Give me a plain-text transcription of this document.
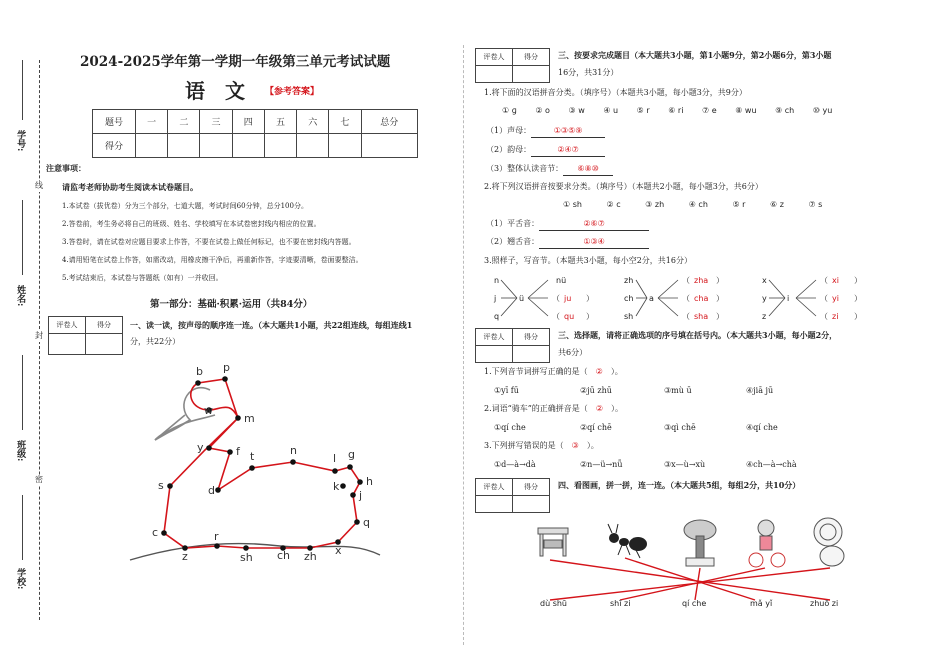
学号:
姓名:
班级:
学校:
线
封
密
2024-2025学年第一学期一年级第三单元考试试题
语　文 【参考答案】
题号	一	二	三	四	五	六	七	总分
得分								
注意事项：
请监考老师协助考生阅读本试卷题目。
1.本试卷（拔优卷）分为三个部分，七道大题，考试时间60分钟，总分100分。
2.答卷前，考生务必将自己的班级、姓名、学校填写在本试卷密封线内相应的位置。
3.答卷时，请在试卷对应题目要求上作答，不要在试卷上做任何标记，也不要在密封线内答题。
4.请用铅笔在试卷上作答，如需改动，用橡皮擦干净后，再重新作答，字迹要清晰，卷面要整洁。
5.考试结束后，本试卷与答题纸（如有）一并收回。
第一部分：基础·积累·运用（共84分）
评卷人	得分
	一、读一读，按声母的顺序连一连。（本大题共1小题，共22组连线，每组连线1
分，共22分）
b p
d
t	n
l g
k h
j
q
x
zh
ch
sh
r
z
c
s
y
w
m
f
评卷人	得分
		三、按要求完成题目（本大题共3小题，第1小题9分，第2小题6分，第3小题
16分，共31分）
1.将下面的汉语拼音分类。（填序号）（本题共3小题，每小题3分，共9分）
① ɡ ② o ③ w ④ u ⑤ r ⑥ ri ⑦ e ⑧ wu ⑨ ch ⑩ yu
（1）声母：	①③⑤⑨
（2）韵母：	②④⑦
（3）整体认读音节： ⑥⑧⑩
2.将下列汉语拼音按要求分类。（填序号）（本题共2小题，每小题3分，共6分）
① sh	② c	③ zh	④ ch	⑤ r	⑥ z	⑦ s
（1）平舌音：	②⑥⑦
（2）翘舌音：	①③④
3.照样子，写音节。（本题共3小题，每小空2分，共16分）
ü
n
j
q
nü
（ ju ）
（ qu ）
a
zh
ch
sh
（ zha ）
（ cha ）
（ sha ）
i
x
y
z
（ xi ）
（ yi ）
（ zi ）
评卷人	得分
		三、选择题，请将正确选项的序号填在括号内。（本大题共3小题，每小题2分，
共6分）
1.下列音节词拼写正确的是（ ② ）。
①yī fū	②jū zhū	③mù ū	④jiā jū
2.词语“骑车”的正确拼音是（ ② ）。
①qí che	②qí chē	③qì chē	④qí che
3.下列拼写错误的是（ ③ ）。
①d—à→dà	②n—ü→nǚ	③x—ù→xù	④ch—à→chà
评卷人	得分
		四、看图画，拼一拼，连一连。（本大题共5组，每组2分，共10分）
dù shū	shī zi	qí che	mǎ yǐ	zhuō zi
